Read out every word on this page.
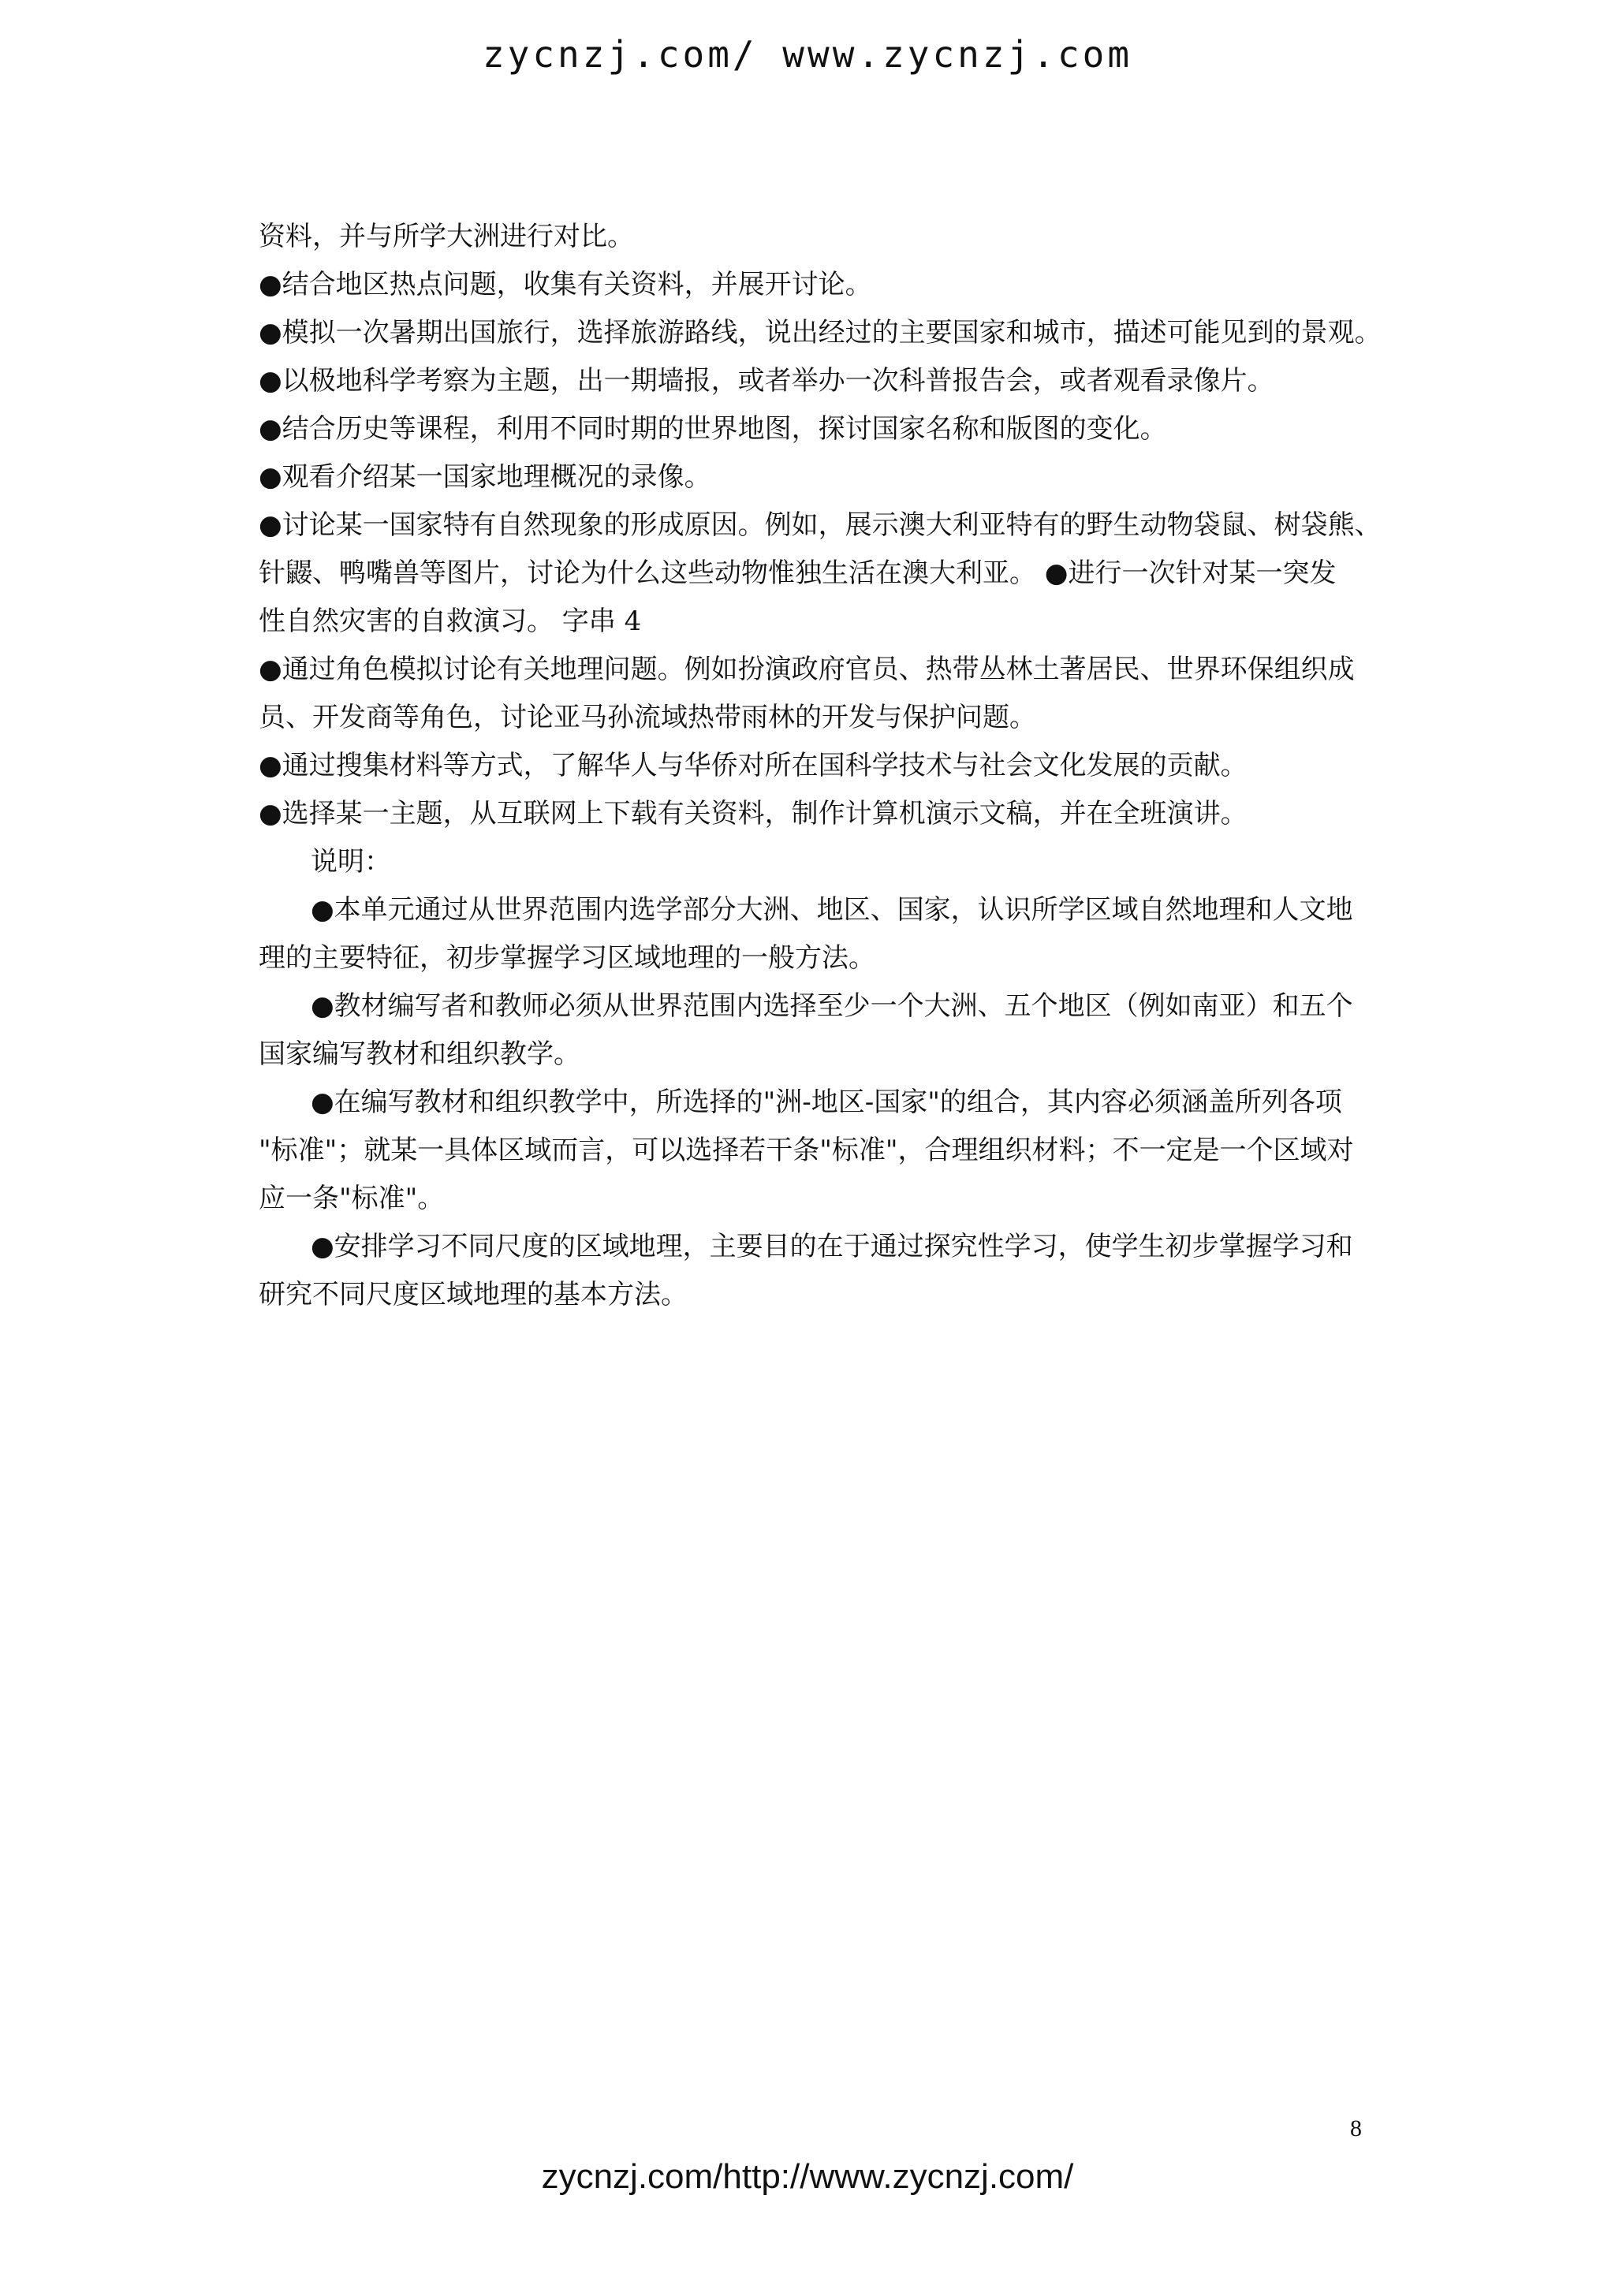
zycnzj.com/ www.zycnzj.com

资料，并与所学大洲进行对比。

●结合地区热点问题，收集有关资料，并展开讨论。

●模拟一次暑期出国旅行，选择旅游路线，说出经过的主要国家和城市，描述可能见到的景观。

●以极地科学考察为主题，出一期墙报，或者举办一次科普报告会，或者观看录像片。

●结合历史等课程，利用不同时期的世界地图，探讨国家名称和版图的变化。

●观看介绍某一国家地理概况的录像。

●讨论某一国家特有自然现象的形成原因。例如，展示澳大利亚特有的野生动物袋鼠、树袋熊、

针鼹、鸭嘴兽等图片，讨论为什么这些动物惟独生活在澳大利亚。 ●进行一次针对某一突发

性自然灾害的自救演习。 字串 4

●通过角色模拟讨论有关地理问题。例如扮演政府官员、热带丛林土著居民、世界环保组织成

员、开发商等角色，讨论亚马孙流域热带雨林的开发与保护问题。

●通过搜集材料等方式，了解华人与华侨对所在国科学技术与社会文化发展的贡献。

●选择某一主题，从互联网上下载有关资料，制作计算机演示文稿，并在全班演讲。

说明：

●本单元通过从世界范围内选学部分大洲、地区、国家，认识所学区域自然地理和人文地

理的主要特征，初步掌握学习区域地理的一般方法。

●教材编写者和教师必须从世界范围内选择至少一个大洲、五个地区（例如南亚）和五个

国家编写教材和组织教学。

●在编写教材和组织教学中，所选择的"洲-地区-国家"的组合，其内容必须涵盖所列各项

"标准"；就某一具体区域而言，可以选择若干条"标准"，合理组织材料；不一定是一个区域对

应一条"标准"。

●安排学习不同尺度的区域地理，主要目的在于通过探究性学习，使学生初步掌握学习和

研究不同尺度区域地理的基本方法。

8
zycnzj.com/http://www.zycnzj.com/
